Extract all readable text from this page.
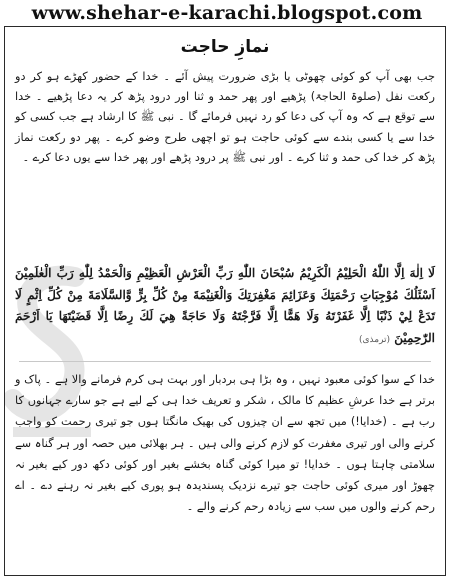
www.shehar-e-karachi.blogspot.com
نمازِ حاجت
جب بھی آپ کو کوئی چھوٹی یا بڑی ضرورت پیش آئے ۔ خدا کے حضور کھڑے ہو کر دو رکعت نفل (صلوۃ الحاجۃ) پڑھیے اور پھر حمد و ثنا اور درود پڑھ کر یہ دعا پڑھیے ۔ خدا سے توقع ہے کہ وہ آپ کی دعا کو رد نہیں فرمائے گا ۔ نبی ﷺ کا ارشاد ہے جب کسی کو خدا سے یا کسی بندے سے کوئی حاجت ہو تو اچھی طرح وضو کرے ۔ پھر دو رکعت نماز پڑھ کر خدا کی حمد و ثنا کرے ۔ اور نبی ﷺ پر درود پڑھے اور پھر خدا سے یوں دعا کرے ۔
لَا اِلٰهَ اِلَّا اللّٰهُ الْحَلِيْمُ الْكَرِيْمُ سُبْحَانَ اللّٰهِ رَبِّ الْعَرْشِ الْعَظِيْمِ وَالْحَمْدُ لِلّٰهِ رَبِّ الْعٰلَمِيْنَ اَسْئَلُكَ مُوْجِبَاتِ رَحْمَتِكَ وَعَزَائِمَ مَغْفِرَتِكَ وَالْغَنِيْمَةَ مِنْ كُلِّ بِرٍّ وَّالسَّلَامَةَ مِنْ كُلِّ اِثْمٍ لَا تَدَعْ لِيْ ذَنْبًا اِلَّا غَفَرْتَهُ وَلَا هَمًّا اِلَّا فَرَّجْتَهُ وَلَا حَاجَةً هِيَ لَكَ رِضًا اِلَّا قَضَيْتَهَا يَا اَرْحَمَ الرّٰحِمِيْنَ (ترمذی)
خدا کے سوا کوئی معبود نہیں ، وہ بڑا ہی بردبار اور بہت ہی کرم فرمانے والا ہے ۔ پاک و برتر ہے خدا عرشِ عظیم کا مالک ، شکر و تعریف خدا ہی کے لیے ہے جو سارے جہانوں کا رب ہے ۔ (خدایا!) میں تجھ سے ان چیزوں کی بھیک مانگتا ہوں جو تیری رحمت کو واجب کرنے والی اور تیری مغفرت کو لازم کرنے والی ہیں ۔ ہر بھلائی میں حصہ اور ہر گناہ سے سلامتی چاہتا ہوں ۔ خدایا! تو میرا کوئی گناہ بخشے بغیر اور کوئی دکھ دور کیے بغیر نہ چھوڑ اور میری کوئی حاجت جو تیرے نزدیک پسندیدہ ہو پوری کیے بغیر نہ رہنے دے ۔ اے رحم کرنے والوں میں سب سے زیادہ رحم کرنے والے ۔
